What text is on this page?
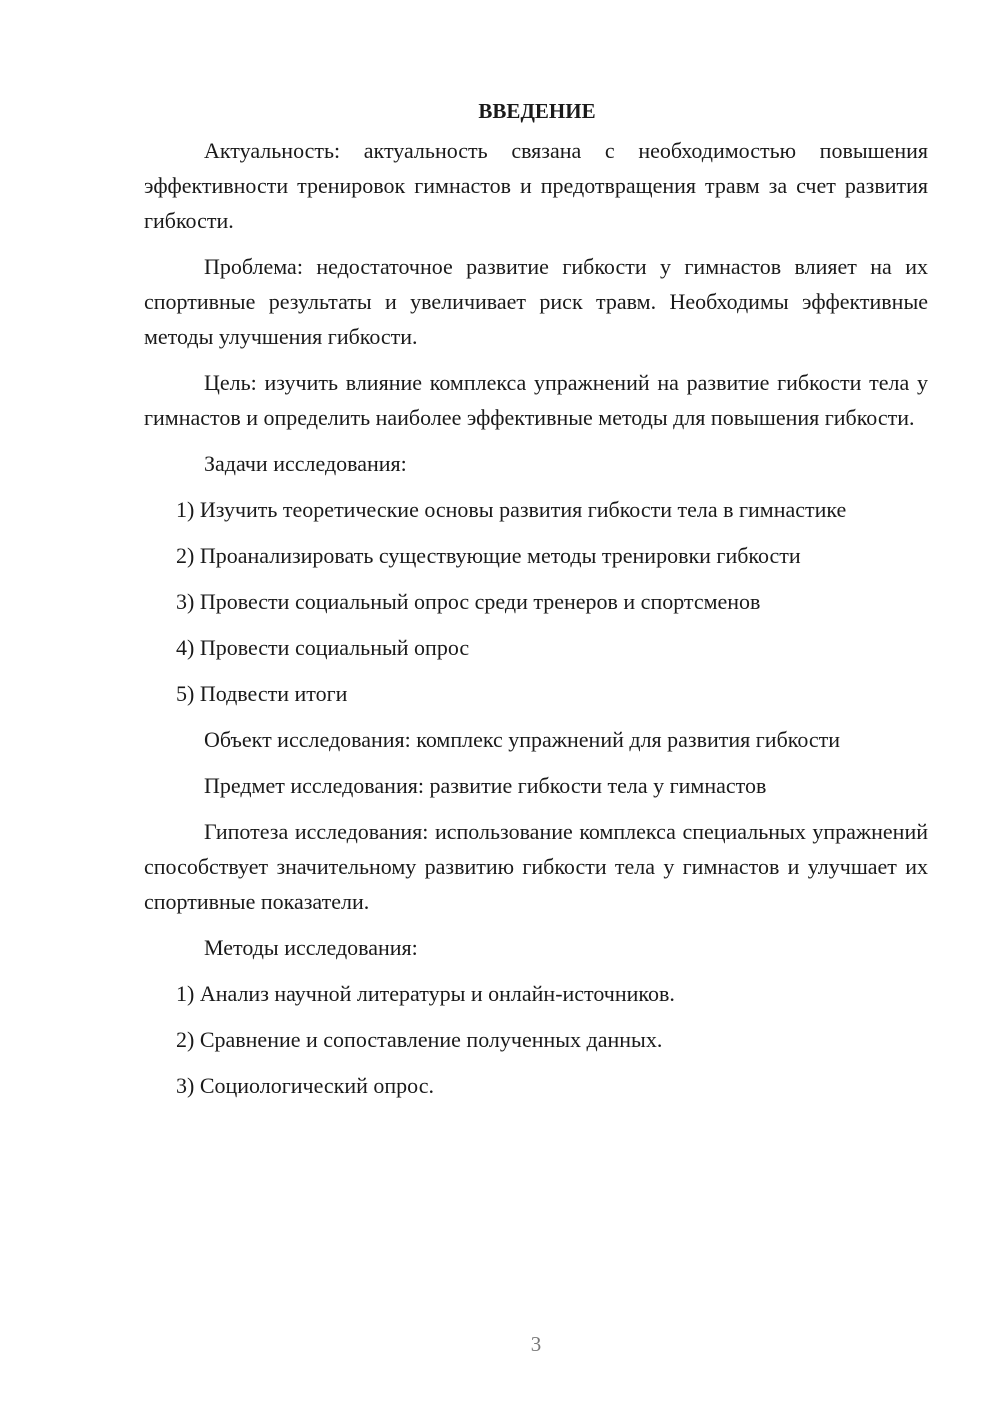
ВВЕДЕНИЕ

Актуальность: актуальность связана с необходимостью повышения эффективности тренировок гимнастов и предотвращения травм за счет развития гибкости.

Проблема: недостаточное развитие гибкости у гимнастов влияет на их спортивные результаты и увеличивает риск травм. Необходимы эффективные методы улучшения гибкости.

Цель: изучить влияние комплекса упражнений на развитие гибкости тела у гимнастов и определить наиболее эффективные методы для повышения гибкости.

Задачи исследования:

1) Изучить теоретические основы развития гибкости тела в гимнастике

2) Проанализировать существующие методы тренировки гибкости

3) Провести социальный опрос среди тренеров и спортсменов

4) Провести социальный опрос

5) Подвести итоги

Объект исследования: комплекс упражнений для развития гибкости

Предмет исследования: развитие гибкости тела у гимнастов

Гипотеза исследования: использование комплекса специальных упражнений способствует значительному развитию гибкости тела у гимнастов и улучшает их спортивные показатели.

Методы исследования:

1) Анализ научной литературы и онлайн-источников.

2) Сравнение и сопоставление полученных данных.

3) Социологический опрос.

3
